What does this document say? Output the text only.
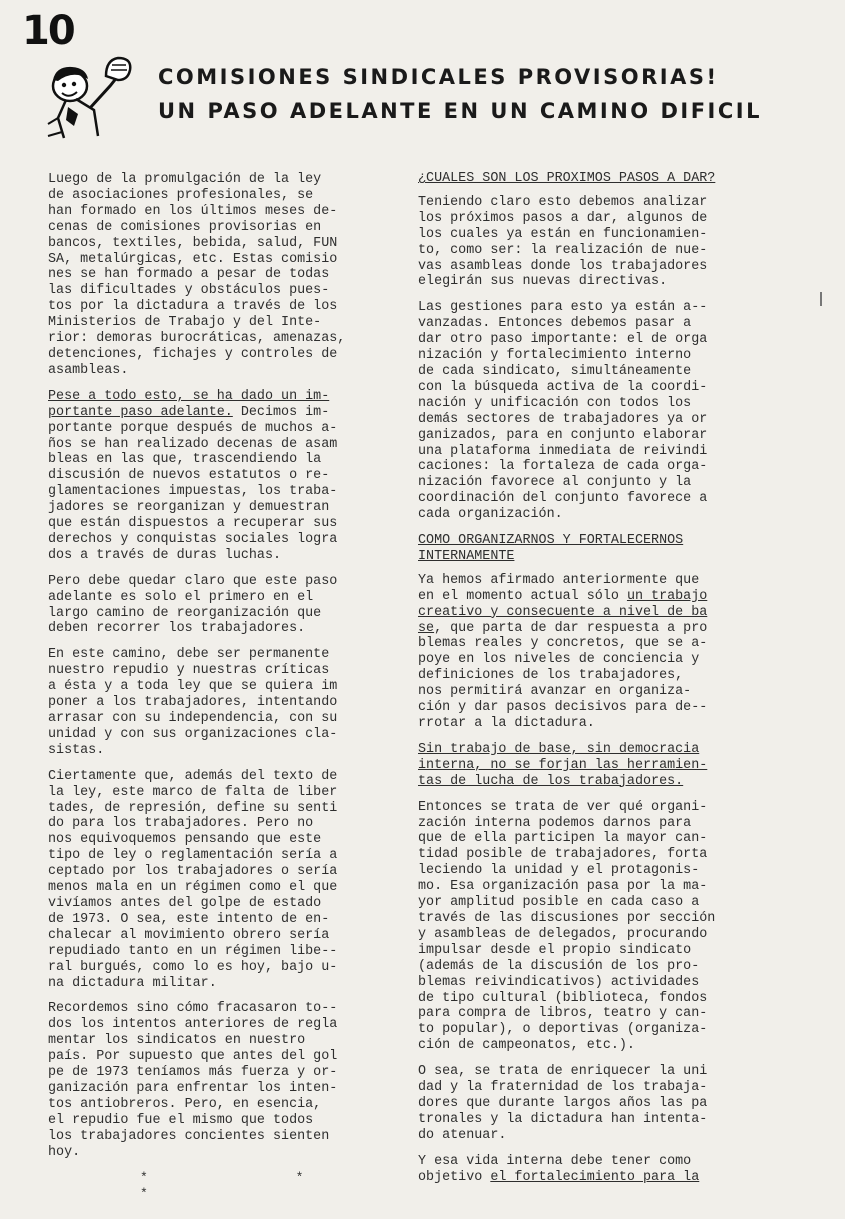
10
COMISIONES SINDICALES PROVISORIAS!
UN PASO ADELANTE EN UN CAMINO DIFICIL

Luego de la promulgación de la ley
de asociaciones profesionales, se
han formado en los últimos meses de-
cenas de comisiones provisorias en
bancos, textiles, bebida, salud, FUN
SA, metalúrgicas, etc. Estas comisio
nes se han formado a pesar de todas
las dificultades y obstáculos pues-
tos por la dictadura a través de los
Ministerios de Trabajo y del Inte-
rior: demoras burocráticas, amenazas,
detenciones, fichajes y controles de
asambleas.

Pese a todo esto, se ha dado un im-
portante paso adelante. Decimos im-
portante porque después de muchos a-
ños se han realizado decenas de asam
bleas en las que, trascendiendo la
discusión de nuevos estatutos o re-
glamentaciones impuestas, los traba-
jadores se reorganizan y demuestran
que están dispuestos a recuperar sus
derechos y conquistas sociales logra
dos a través de duras luchas.

Pero debe quedar claro que este paso
adelante es solo el primero en el
largo camino de reorganización que
deben recorrer los trabajadores.

En este camino, debe ser permanente
nuestro repudio y nuestras críticas
a ésta y a toda ley que se quiera im
poner a los trabajadores, intentando
arrasar con su independencia, con su
unidad y con sus organizaciones cla-
sistas.

Ciertamente que, además del texto de
la ley, este marco de falta de liber
tades, de represión, define su senti
do para los trabajadores. Pero no
nos equivoquemos pensando que este
tipo de ley o reglamentación sería a
ceptado por los trabajadores o sería
menos mala en un régimen como el que
vivíamos antes del golpe de estado
de 1973. O sea, este intento de en-
chalecar al movimiento obrero sería
repudiado tanto en un régimen libe--
ral burgués, como lo es hoy, bajo u-
na dictadura militar.

Recordemos sino cómo fracasaron to--
dos los intentos anteriores de regla
mentar los sindicatos en nuestro
país. Por supuesto que antes del gol
pe de 1973 teníamos más fuerza y or-
ganización para enfrentar los inten-
tos antiobreros. Pero, en esencia,
el repudio fue el mismo que todos
los trabajadores concientes sienten
hoy.

* * *
¿CUALES SON LOS PROXIMOS PASOS A DAR?

Teniendo claro esto debemos analizar
los próximos pasos a dar, algunos de
los cuales ya están en funcionamien-
to, como ser: la realización de nue-
vas asambleas donde los trabajadores
elegirán sus nuevas directivas.

Las gestiones para esto ya están a--
vanzadas. Entonces debemos pasar a
dar otro paso importante: el de orga
nización y fortalecimiento interno
de cada sindicato, simultáneamente
con la búsqueda activa de la coordi-
nación y unificación con todos los
demás sectores de trabajadores ya or
ganizados, para en conjunto elaborar
una plataforma inmediata de reivindi
caciones: la fortaleza de cada orga-
nización favorece al conjunto y la
coordinación del conjunto favorece a
cada organización.

COMO ORGANIZARNOS Y FORTALECERNOS
INTERNAMENTE

Ya hemos afirmado anteriormente que
en el momento actual sólo un trabajo
creativo y consecuente a nivel de ba
se, que parta de dar respuesta a pro
blemas reales y concretos, que se a-
poye en los niveles de conciencia y
definiciones de los trabajadores,
nos permitirá avanzar en organiza-
ción y dar pasos decisivos para de--
rrotar a la dictadura.

Sin trabajo de base, sin democracia
interna, no se forjan las herramien-
tas de lucha de los trabajadores.

Entonces se trata de ver qué organi-
zación interna podemos darnos para
que de ella participen la mayor can-
tidad posible de trabajadores, forta
leciendo la unidad y el protagonis-
mo. Esa organización pasa por la ma-
yor amplitud posible en cada caso a
través de las discusiones por sección
y asambleas de delegados, procurando
impulsar desde el propio sindicato
(además de la discusión de los pro-
blemas reivindicativos) actividades
de tipo cultural (biblioteca, fondos
para compra de libros, teatro y can-
to popular), o deportivas (organiza-
ción de campeonatos, etc.).

O sea, se trata de enriquecer la uni
dad y la fraternidad de los trabaja-
dores que durante largos años las pa
tronales y la dictadura han intenta-
do atenuar.

Y esa vida interna debe tener como
objetivo el fortalecimiento para la
